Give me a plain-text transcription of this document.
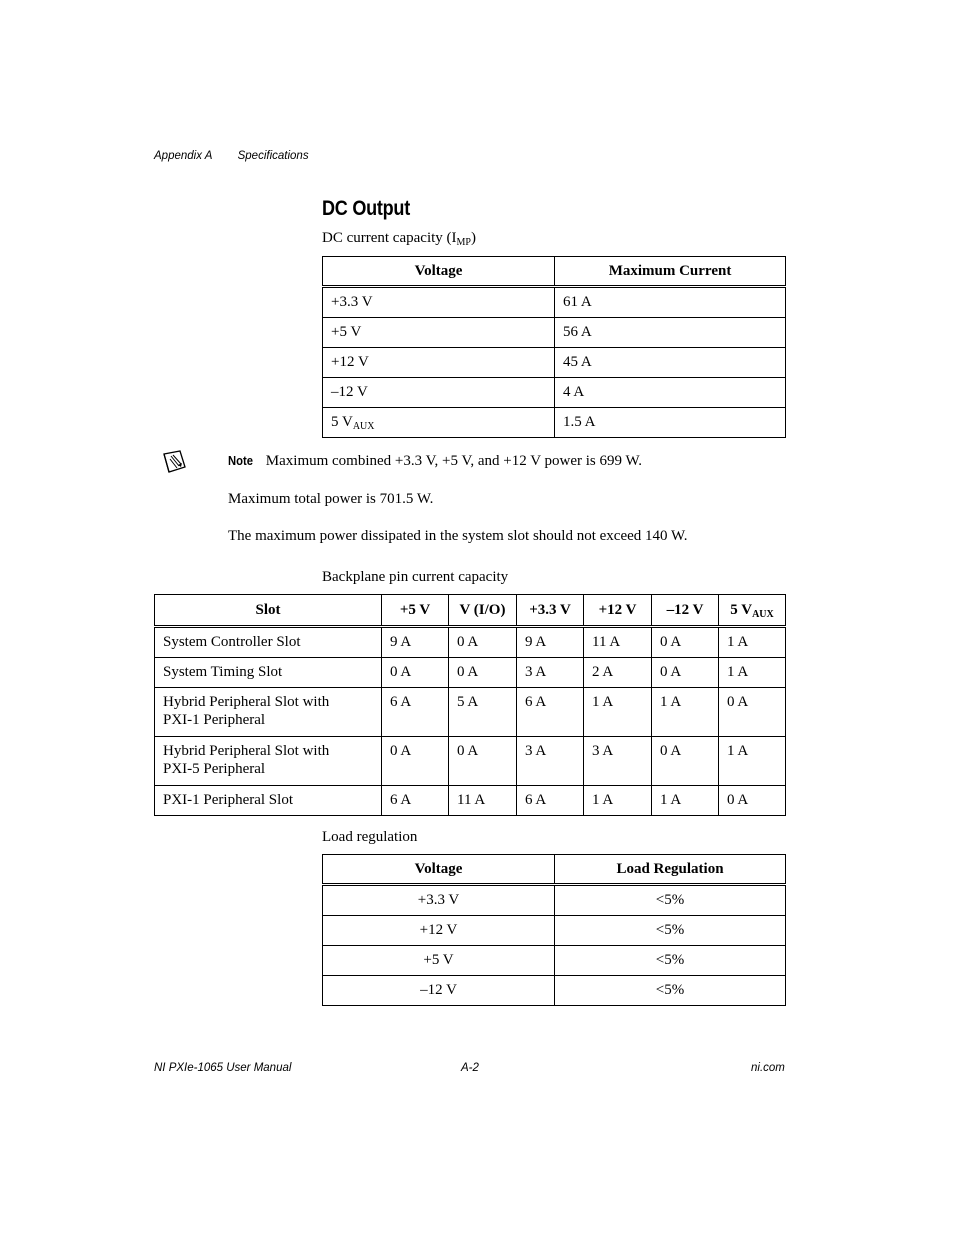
Appendix A Specifications
DC Output
DC current capacity $(I_{MP})$
Voltage	Maximum Current
+3.3 V	61 A
+5 V	56 A
+12 V	45 A
–12 V	4 A
5 $V_{AUX}$	1.5 A
Note Maximum combined +3.3 V, +5 V, and +12 V power is 699 W.
Maximum total power is 701.5 W.
The maximum power dissipated in the system slot should not exceed 140 W.
Backplane pin current capacity
Slot	+5 V	V (I/O)	+3.3 V	+12 V	–12 V	5 $V_{AUX}$
System Controller Slot	9 A	0 A	9 A	11 A	0 A	1 A
System Timing Slot	0 A	0 A	3 A	2 A	0 A	1 A
Hybrid Peripheral Slot with
PXI-1 Peripheral	6 A	5 A	6 A	1 A	1 A	0 A
Hybrid Peripheral Slot with
PXI-5 Peripheral	0 A	0 A	3 A	3 A	0 A	1 A
PXI-1 Peripheral Slot	6 A	11 A	6 A	1 A	1 A	0 A
Load regulation
Voltage	Load Regulation
+3.3 V	<5%
+12 V	<5%
+5 V	<5%
–12 V	<5%
NI PXIe-1065 User Manual	A-2	ni.com
